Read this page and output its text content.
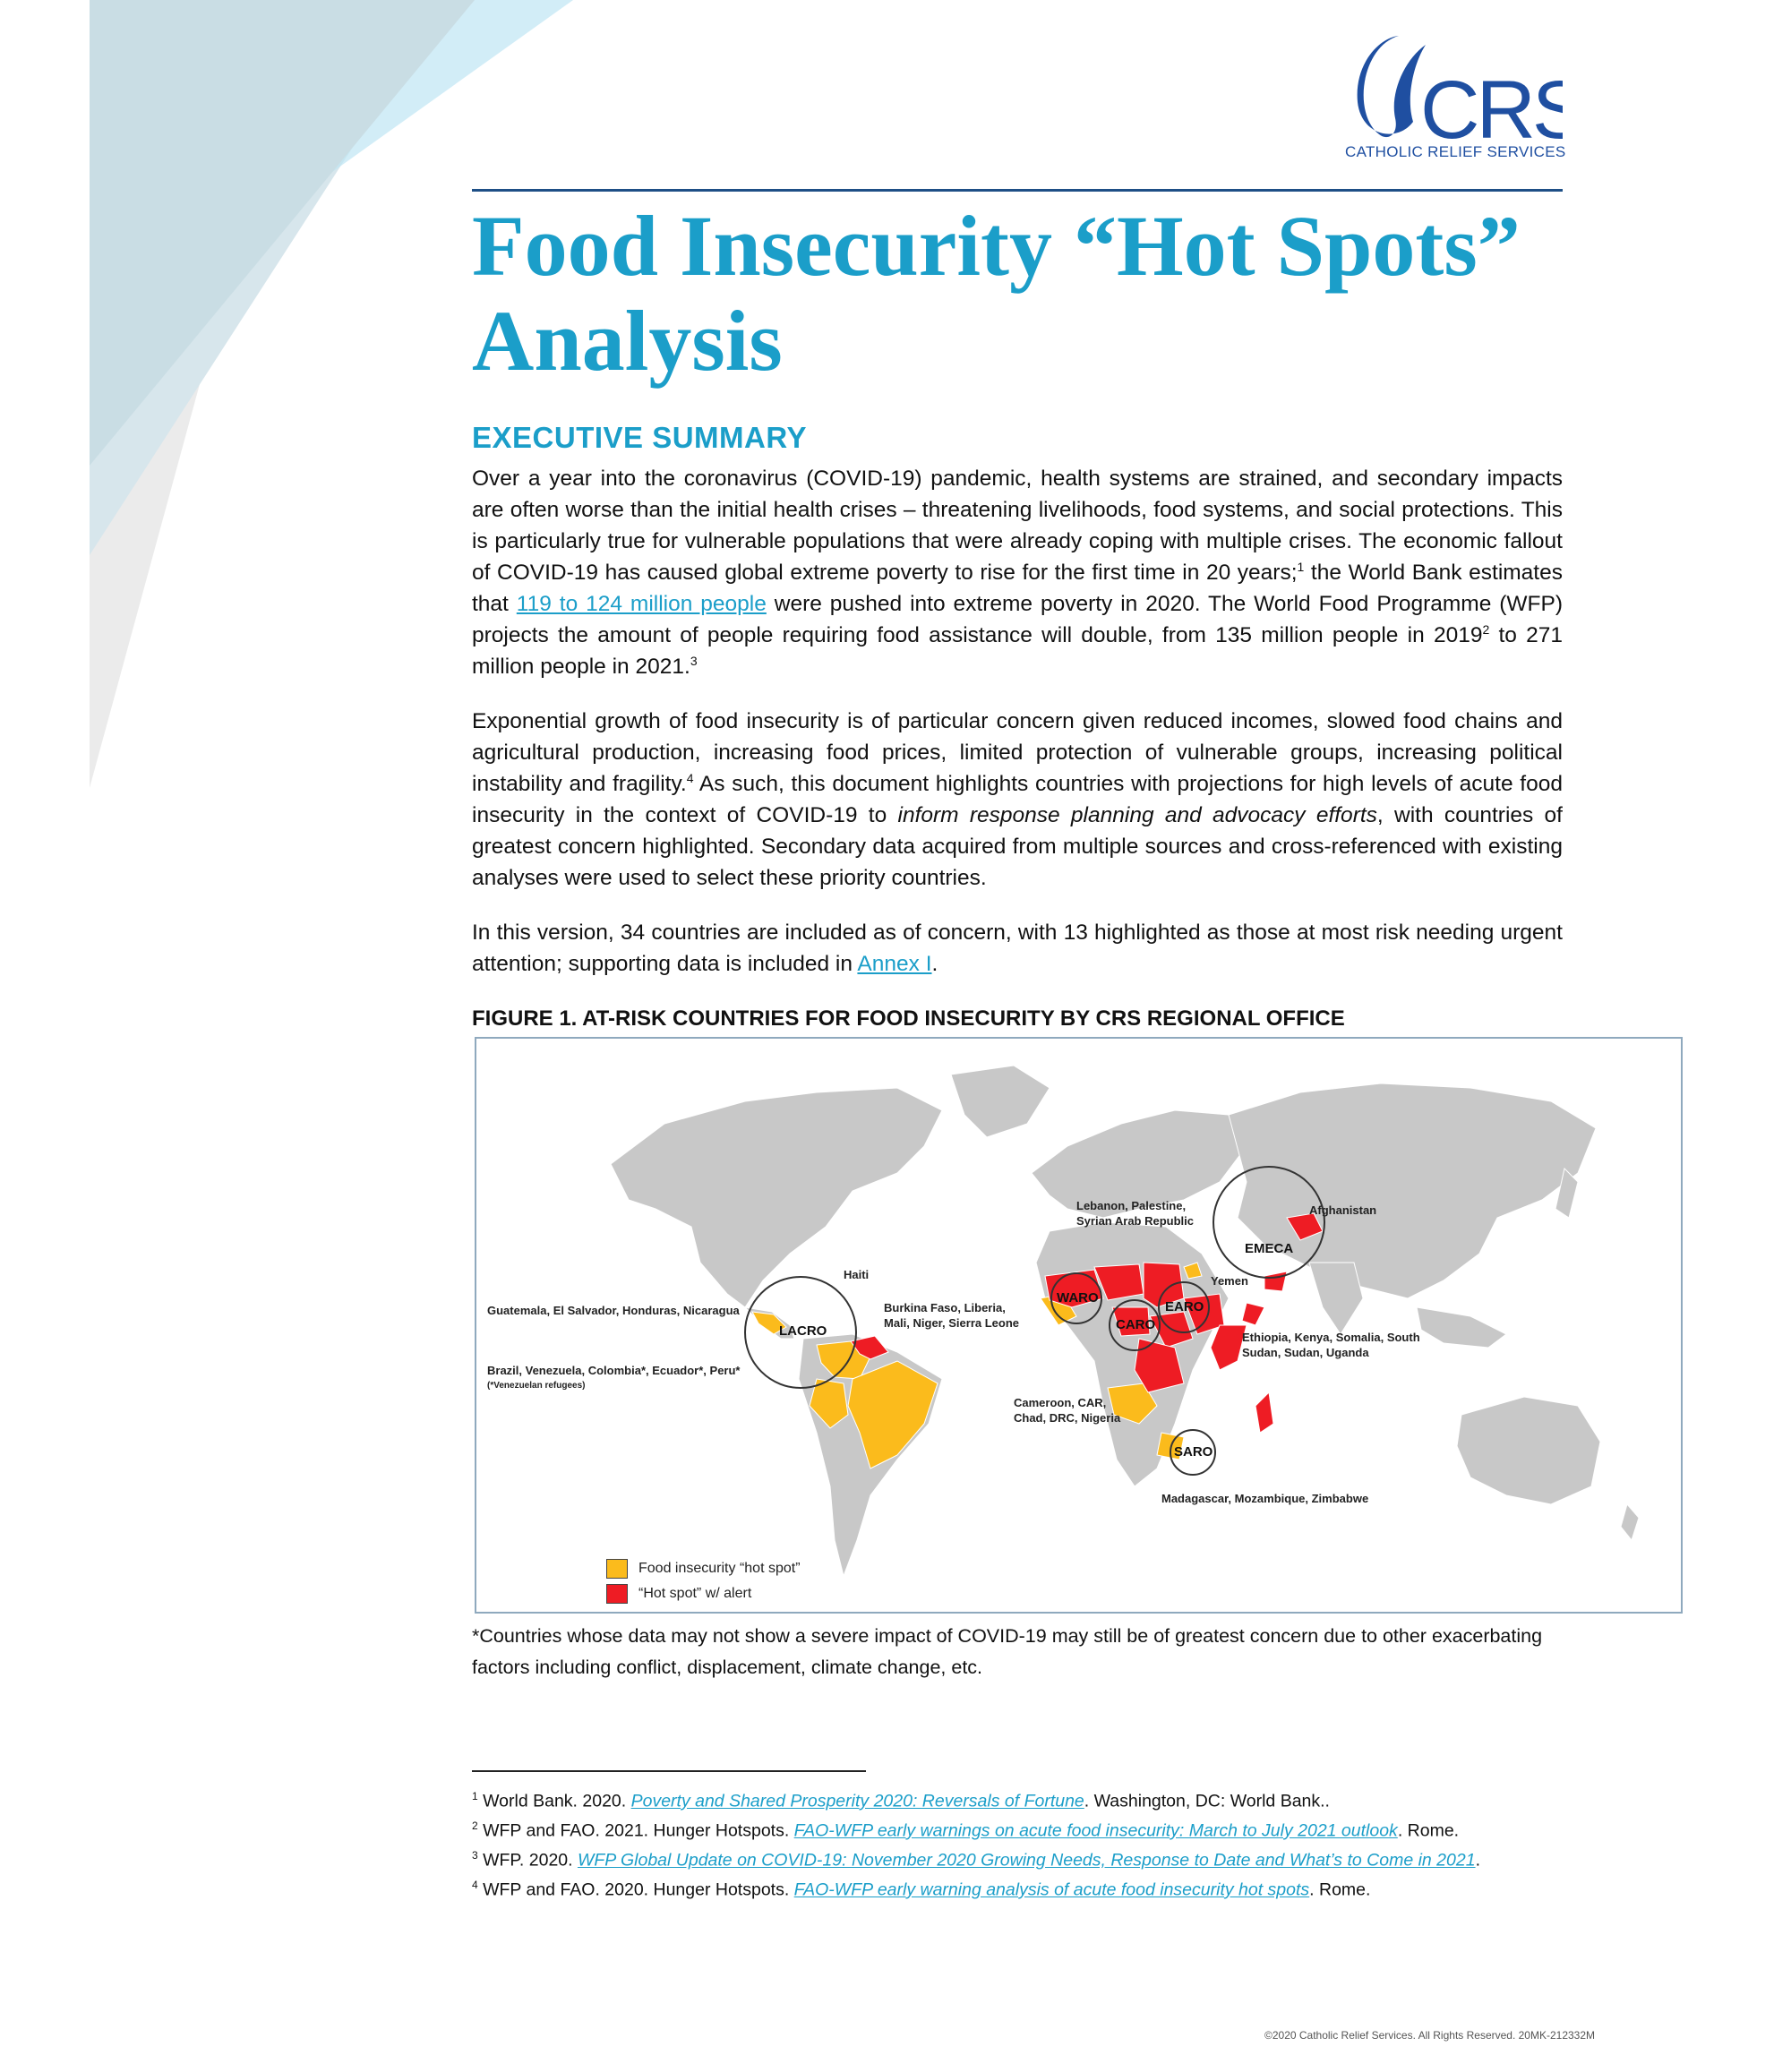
CRS
CATHOLIC RELIEF SERVICES
Food Insecurity “Hot Spots” Analysis
EXECUTIVE SUMMARY

Over a year into the coronavirus (COVID-19) pandemic, health systems are strained, and secondary impacts are often worse than the initial health crises – threatening livelihoods, food systems, and social protections. This is particularly true for vulnerable populations that were already coping with multiple crises. The economic fallout of COVID-19 has caused global extreme poverty to rise for the first time in 20 years;$^1$ the World Bank estimates that 119 to 124 million people were pushed into extreme poverty in 2020. The World Food Programme (WFP) projects the amount of people requiring food assistance will double, from 135 million people in 2019$^2$ to 271 million people in 2021.$^3$

Exponential growth of food insecurity is of particular concern given reduced incomes, slowed food chains and agricultural production, increasing food prices, limited protection of vulnerable groups, increasing political instability and fragility.$^4$ As such, this document highlights countries with projections for high levels of acute food insecurity in the context of COVID-19 to inform response planning and advocacy efforts, with countries of greatest concern highlighted. Secondary data acquired from multiple sources and cross-referenced with existing analyses were used to select these priority countries.

In this version, 34 countries are included as of concern, with 13 highlighted as those at most risk needing urgent attention; supporting data is included in Annex I.

FIGURE 1. AT-RISK COUNTRIES FOR FOOD INSECURITY BY CRS REGIONAL OFFICE

LACRO
WARO
CARO
EARO
EMECA
SARO
Guatemala, El Salvador, Honduras, Nicaragua
Haiti
Brazil, Venezuela, Colombia*, Ecuador*, Peru*
(*Venezuelan refugees)
Burkina Faso, Liberia, Mali, Niger, Sierra Leone
Lebanon, Palestine, Syrian Arab Republic
Afghanistan
Yemen
Ethiopia, Kenya, Somalia, South Sudan, Sudan, Uganda
Cameroon, CAR, Chad, DRC, Nigeria
Madagascar, Mozambique, Zimbabwe
Food insecurity “hot spot”
“Hot spot” w/ alert

*Countries whose data may not show a severe impact of COVID-19 may still be of greatest concern due to other exacerbating factors including conflict, displacement, climate change, etc.

$^1$ World Bank. 2020. Poverty and Shared Prosperity 2020: Reversals of Fortune. Washington, DC: World Bank..

$^2$ WFP and FAO. 2021. Hunger Hotspots. FAO-WFP early warnings on acute food insecurity: March to July 2021 outlook. Rome.

$^3$ WFP. 2020. WFP Global Update on COVID-19: November 2020 Growing Needs, Response to Date and What’s to Come in 2021.

$^4$ WFP and FAO. 2020. Hunger Hotspots. FAO-WFP early warning analysis of acute food insecurity hot spots. Rome.

©2020 Catholic Relief Services. All Rights Reserved. 20MK-212332M
